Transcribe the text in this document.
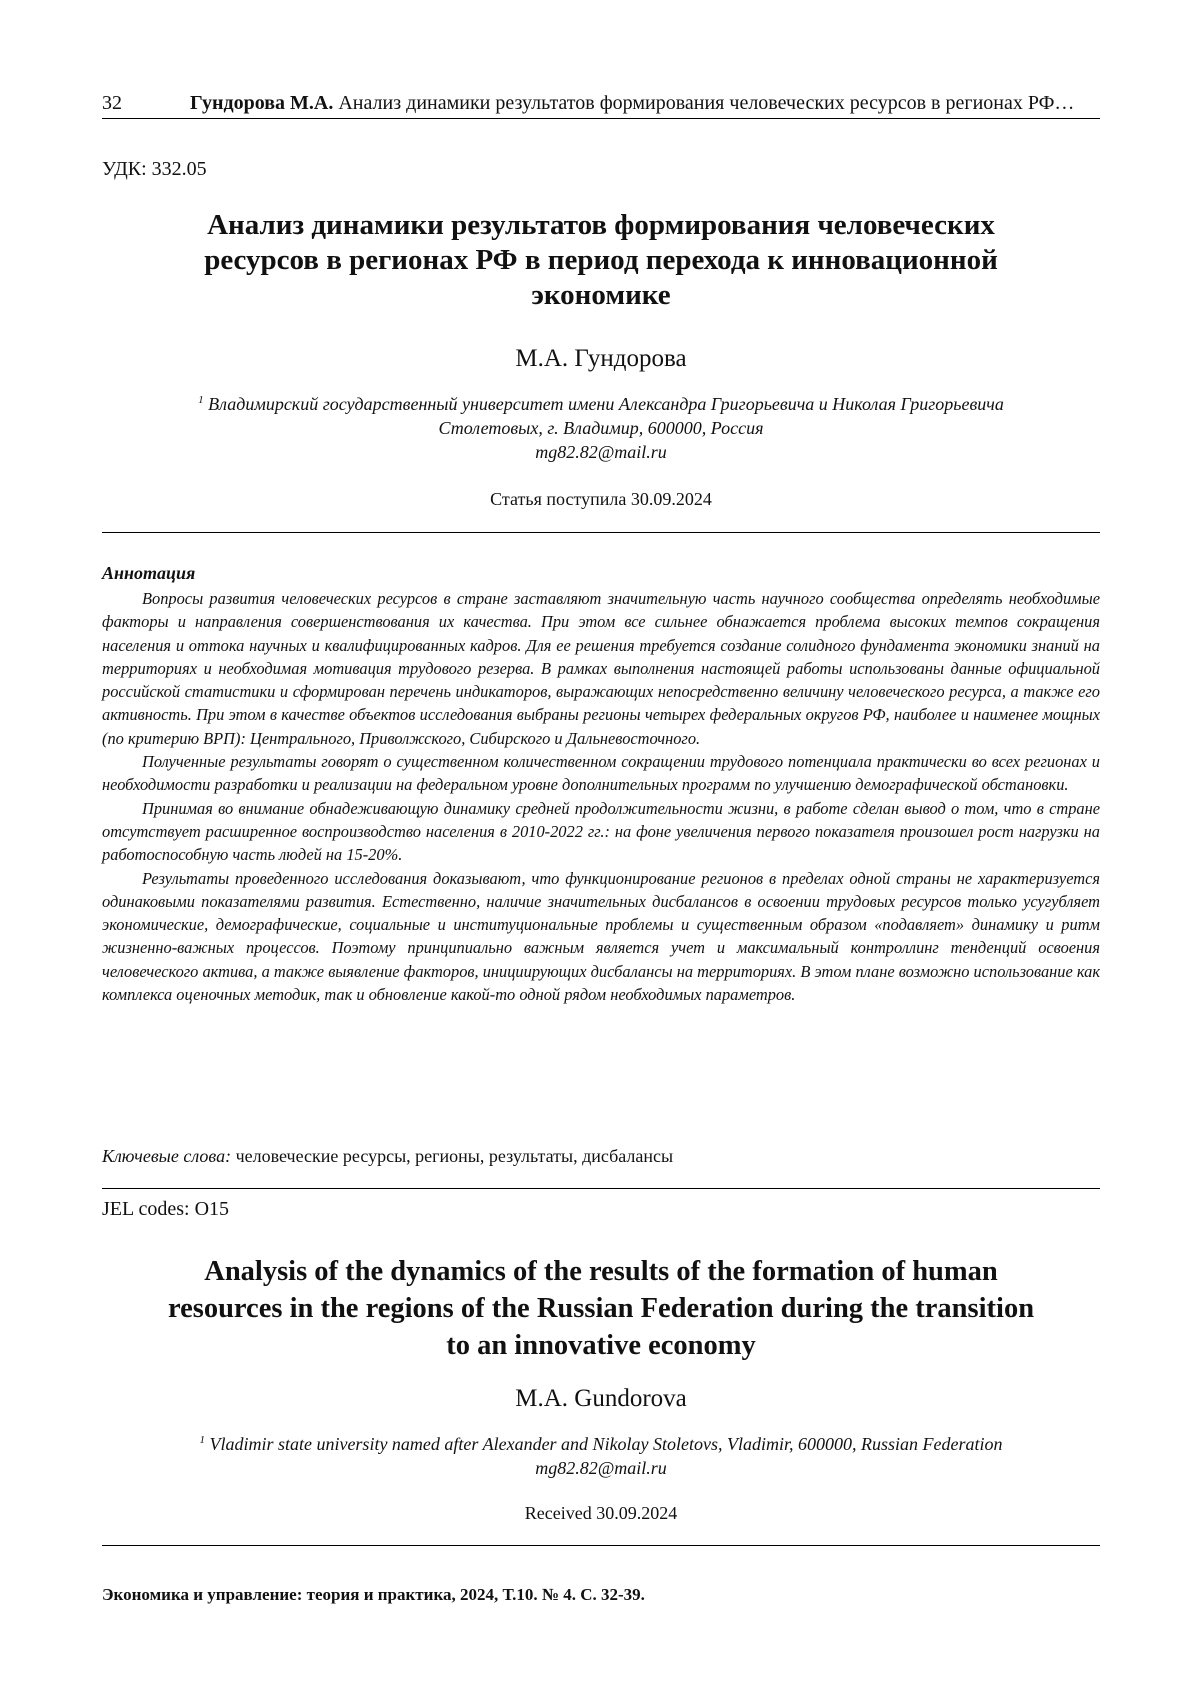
32	Гундорова М.А. Анализ динамики результатов формирования человеческих ресурсов в регионах РФ…
УДК: 332.05
Анализ динамики результатов формирования человеческих
ресурсов в регионах РФ в период перехода к инновационной
экономике
М.А. Гундорова
1 Владимирский государственный университет имени Александра Григорьевича и Николая Григорьевича
Столетовых, г. Владимир, 600000, Россия
mg82.82@mail.ru
Статья поступила 30.09.2024
Аннотация

Вопросы развития человеческих ресурсов в стране заставляют значительную часть научного сообщества определять необходимые факторы и направления совершенствования их качества. При этом все сильнее обнажается проблема высоких темпов сокращения населения и оттока научных и квалифицированных кадров. Для ее решения требуется создание солидного фундамента экономики знаний на территориях и необходимая мотивация трудового резерва. В рамках выполнения настоящей работы использованы данные официальной российской статистики и сформирован перечень индикаторов, выражающих непосредственно величину человеческого ресурса, а также его активность. При этом в качестве объектов исследования выбраны регионы четырех федеральных округов РФ, наиболее и наименее мощных (по критерию ВРП): Центрального, Приволжского, Сибирского и Дальневосточного.

Полученные результаты говорят о существенном количественном сокращении трудового потенциала практически во всех регионах и необходимости разработки и реализации на федеральном уровне дополнительных программ по улучшению демографической обстановки.

Принимая во внимание обнадеживающую динамику средней продолжительности жизни, в работе сделан вывод о том, что в стране отсутствует расширенное воспроизводство населения в 2010-2022 гг.: на фоне увеличения первого показателя произошел рост нагрузки на работоспособную часть людей на 15-20%.

Результаты проведенного исследования доказывают, что функционирование регионов в пределах одной страны не характеризуется одинаковыми показателями развития. Естественно, наличие значительных дисбалансов в освоении трудовых ресурсов только усугубляет экономические, демографические, социальные и институциональные проблемы и существенным образом «подавляет» динамику и ритм жизненно-важных процессов. Поэтому принципиально важным является учет и максимальный контроллинг тенденций освоения человеческого актива, а также выявление факторов, инициирующих дисбалансы на территориях. В этом плане возможно использование как комплекса оценочных методик, так и обновление какой-то одной рядом необходимых параметров.

Ключевые слова: человеческие ресурсы, регионы, результаты, дисбалансы
JEL codes: O15
Analysis of the dynamics of the results of the formation of human
resources in the regions of the Russian Federation during the transition
to an innovative economy
M.A. Gundorova
1 Vladimir state university named after Alexander and Nikolay Stoletovs, Vladimir, 600000, Russian Federation
mg82.82@mail.ru
Received 30.09.2024
Экономика и управление: теория и практика, 2024, Т.10. № 4. С. 32-39.
